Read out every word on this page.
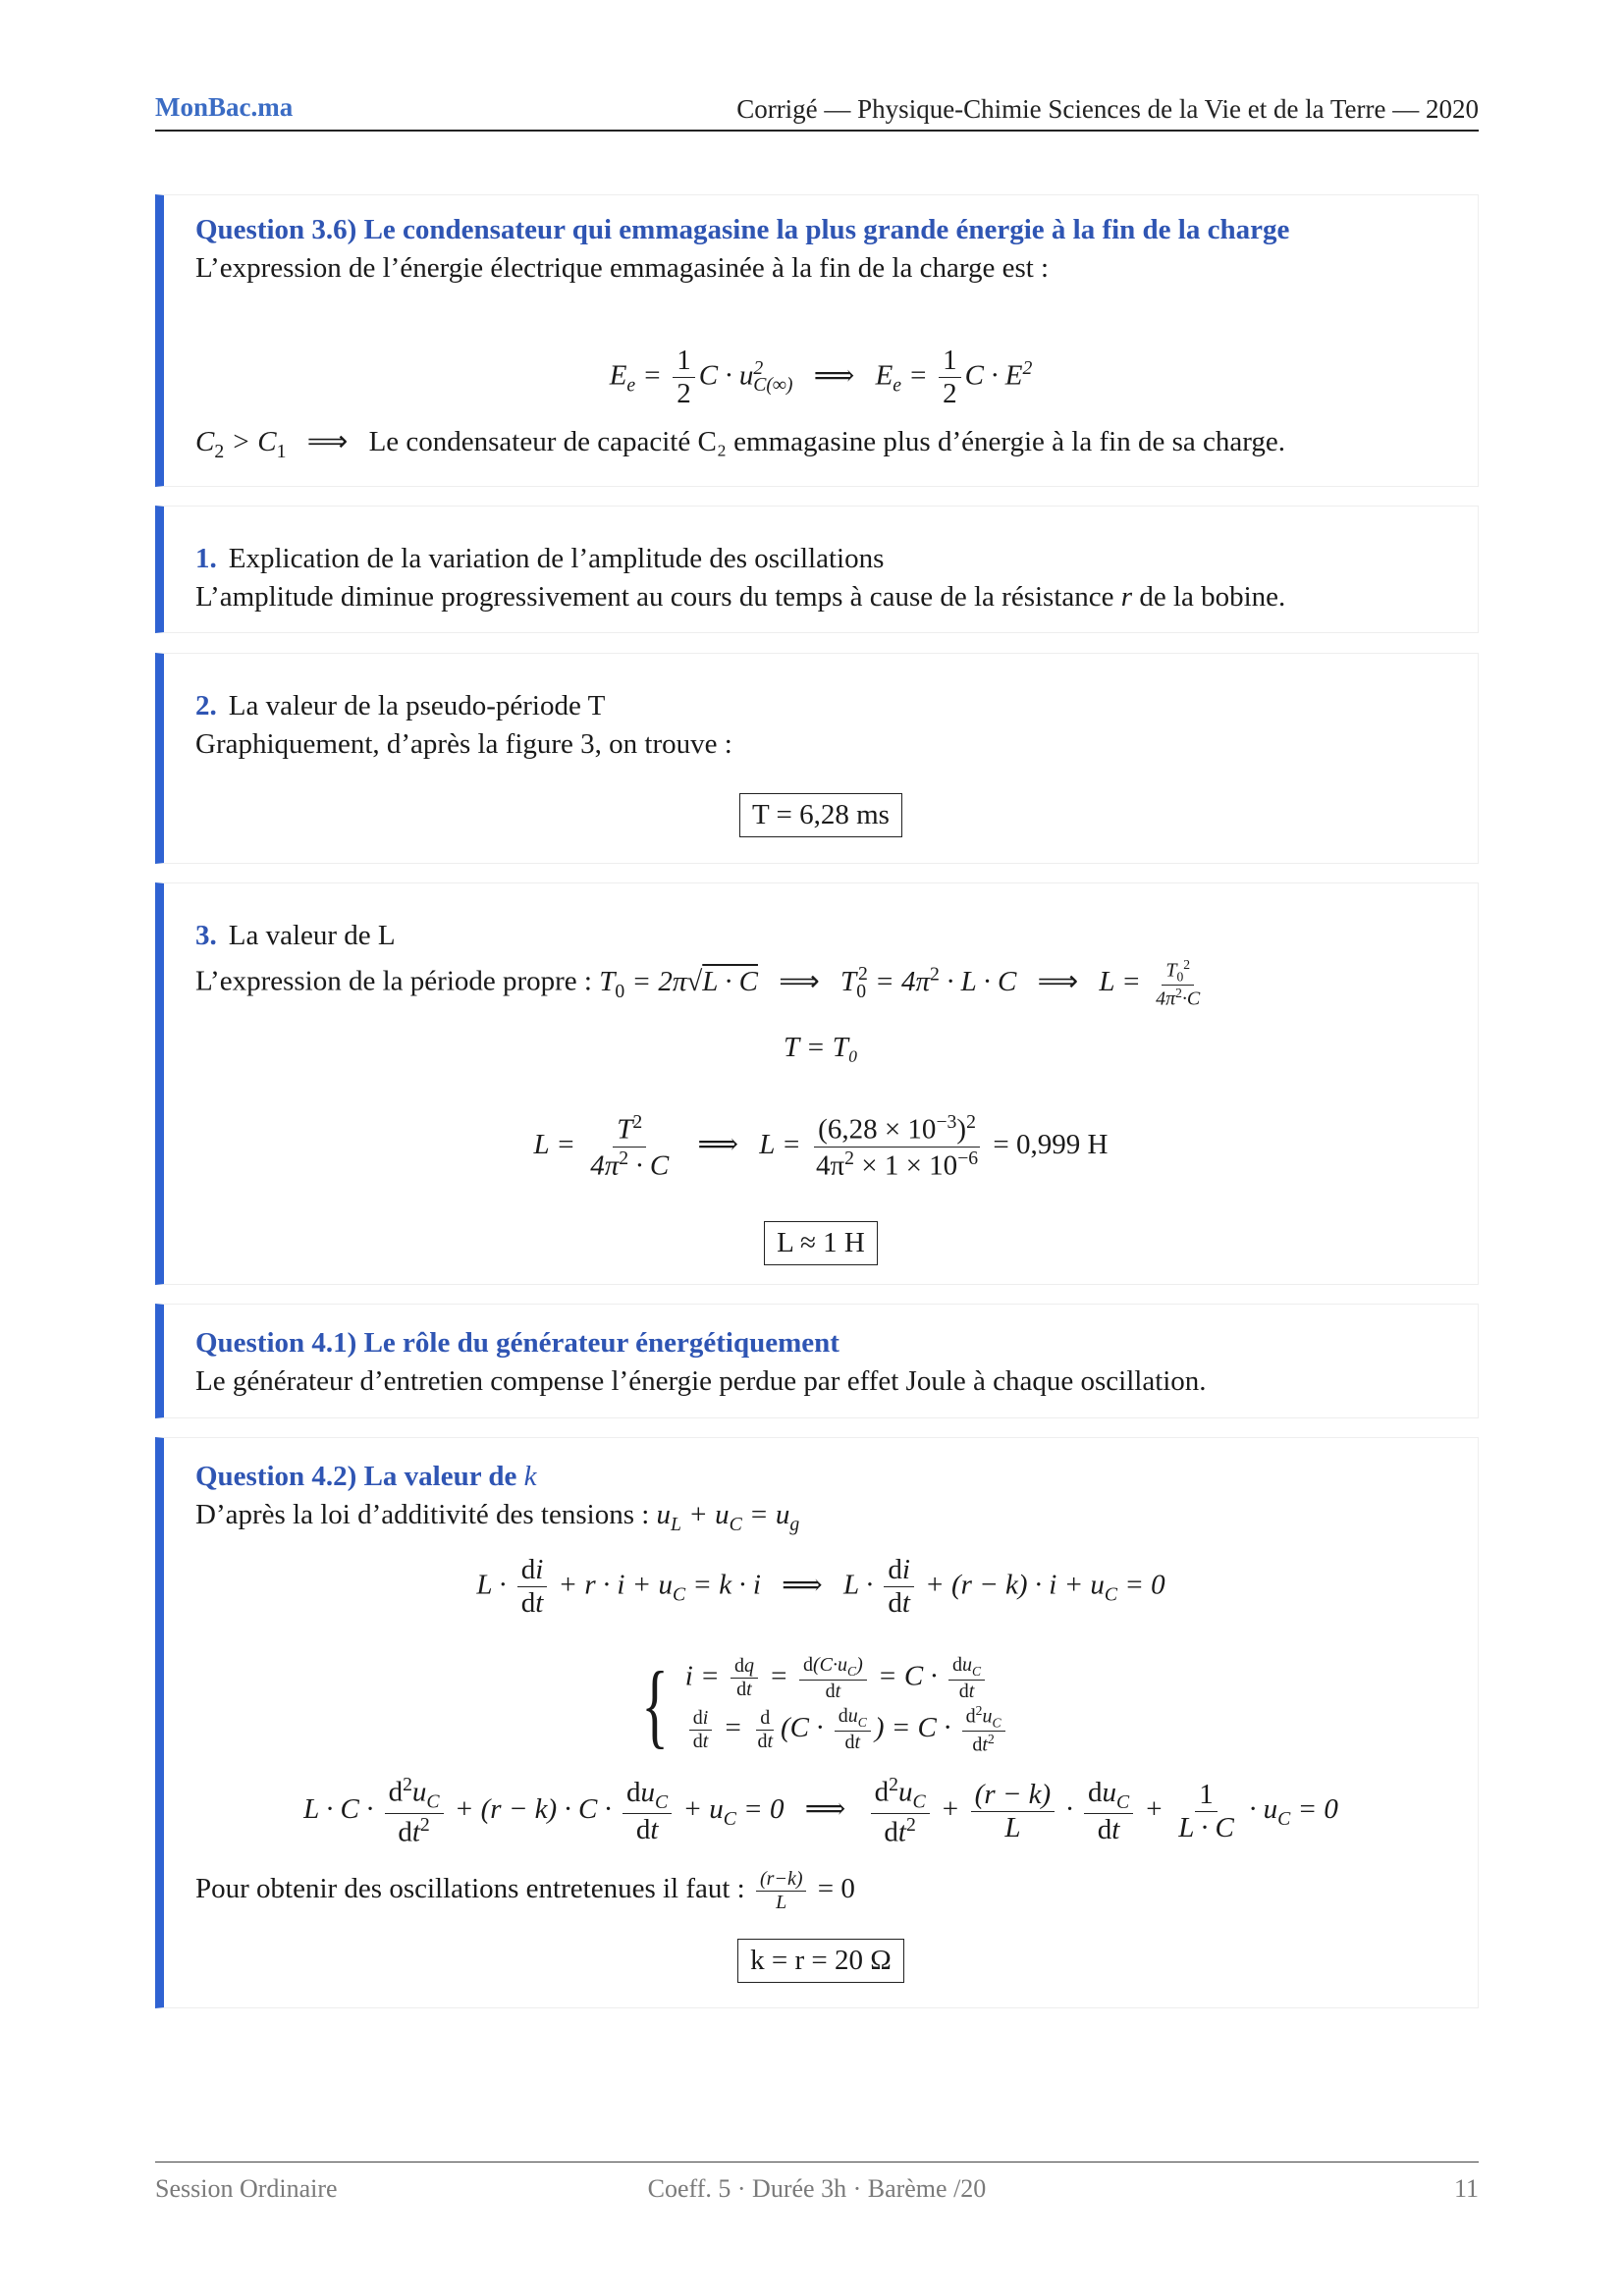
MonBac.ma	Corrigé — Physique-Chimie Sciences de la Vie et de la Terre — 2020
Question 3.6) Le condensateur qui emmagasine la plus grande énergie à la fin de la charge
L’expression de l’énergie électrique emmagasinée à la fin de la charge est :
$E_e = \frac{1}{2}$ $C \cdot u^2_{C(\infty)}$ ⟹ $E_e = \frac{1}{2}$ $C \cdot E^2$
$C_2 > C_1$ ⟹ Le condensateur de capacité C₂ emmagasine plus d’énergie à la fin de sa charge.
1. Explication de la variation de l’amplitude des oscillations
L’amplitude diminue progressivement au cours du temps à cause de la résistance r de la bobine.
2. La valeur de la pseudo-période T
Graphiquement, d’après la figure 3, on trouve :
T = 6,28 ms
3. La valeur de L
L’expression de la période propre : $T_0 = 2\pi√L \cdot C$ ⟹ $T_0^2 = 4\pi^2 \cdot L \cdot C$ ⟹ $L = \frac{T_0^2}{4\pi^2\cdot C}$
T = T₀
$L = \frac{T^2}{4\pi^2 \cdot C}$ ⟹ $L = \frac{(6,28 \times 10^{-3})^2}{4\pi^2 \times 1 \times 10^{-6}} = 0,999$ H
L ≈ 1 H
Question 4.1) Le rôle du générateur énergétiquement
Le générateur d’entretien compense l’énergie perdue par effet Joule à chaque oscillation.
Question 4.2) La valeur de k
D’après la loi d’additivité des tensions : $u_L + u_C = u_g$
$L \cdot \frac{di}{dt} + r \cdot i + u_C = k \cdot i$ ⟹ $L \cdot \frac{di}{dt} + (r - k) \cdot i + u_C = 0$
{ $i = \frac{dq}{dt} = \frac{d(C\cdot u_C)}{dt} = C \cdot \frac{du_C}{dt}$
$\frac{di}{dt} = \frac{d}{dt} (C \cdot \frac{du_C}{dt}$ ) = $C \cdot \frac{d^2u_C}{dt^2}$
$L \cdot C \cdot \frac{d^2u_C}{dt^2} + (r - k) \cdot C \cdot \frac{du_C}{dt} + u_C = 0$ ⟹ $\frac{d^2u_C}{dt^2} + \frac{(r - k)}{L} \cdot \frac{du_C}{dt} + \frac{1}{L \cdot C} \cdot u_C = 0$
Pour obtenir des oscillations entretenues il faut : $\frac{(r-k)}{L} = 0$
k = r = 20 Ω
Session Ordinaire	Coeff. 5 · Durée 3h · Barème /20	11
